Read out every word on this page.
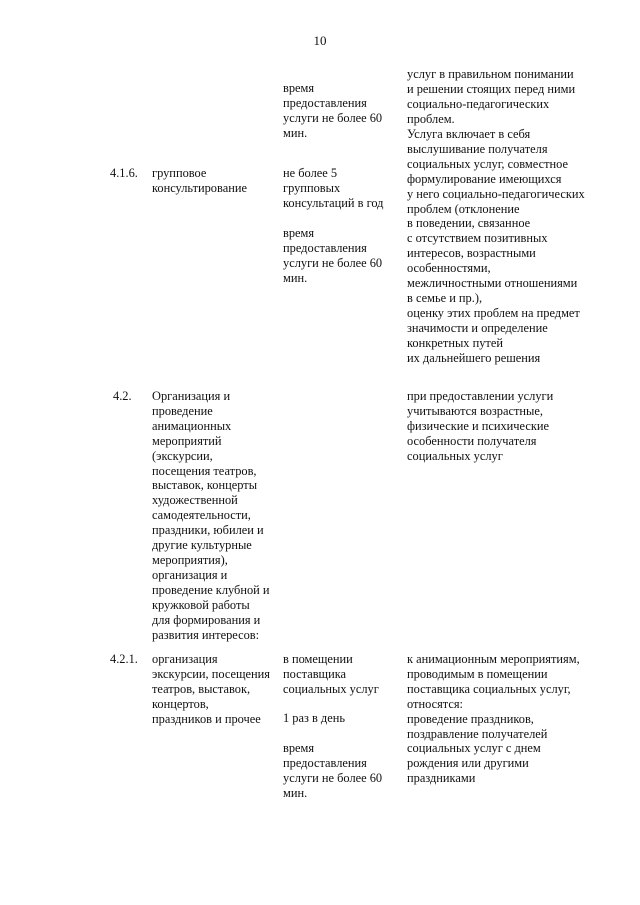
10
время
предоставления
услуги не более 60
мин.
услуг в правильном понимании
и решении стоящих перед ними
социально-педагогических
проблем.
4.1.6. групповое
консультирование
не более 5
групповых
консультаций в год
время
предоставления
услуги не более 60
мин.
Услуга включает в себя
выслушивание получателя
социальных услуг, совместное
формулирование имеющихся
у него социально-педагогических
проблем (отклонение
в поведении, связанное
с отсутствием позитивных
интересов, возрастными
особенностями,
межличностными отношениями
в семье и пр.),
оценку этих проблем на предмет
значимости и определение
конкретных путей
их дальнейшего решения
4.2. Организация и
проведение
анимационных
мероприятий
(экскурсии,
посещения театров,
выставок, концерты
художественной
самодеятельности,
праздники, юбилеи и
другие культурные
мероприятия),
организация и
проведение клубной и
кружковой работы
для формирования и
развития интересов:
при предоставлении услуги
учитываются возрастные,
физические и психические
особенности получателя
социальных услуг
4.2.1. организация
экскурсии, посещения
театров, выставок,
концертов,
праздников и прочее
в помещении
поставщика
социальных услуг
1 раз в день
время
предоставления
услуги не более 60
мин.
к анимационным мероприятиям,
проводимым в помещении
поставщика социальных услуг,
относятся:
проведение праздников,
поздравление получателей
социальных услуг с днем
рождения или другими
праздниками
